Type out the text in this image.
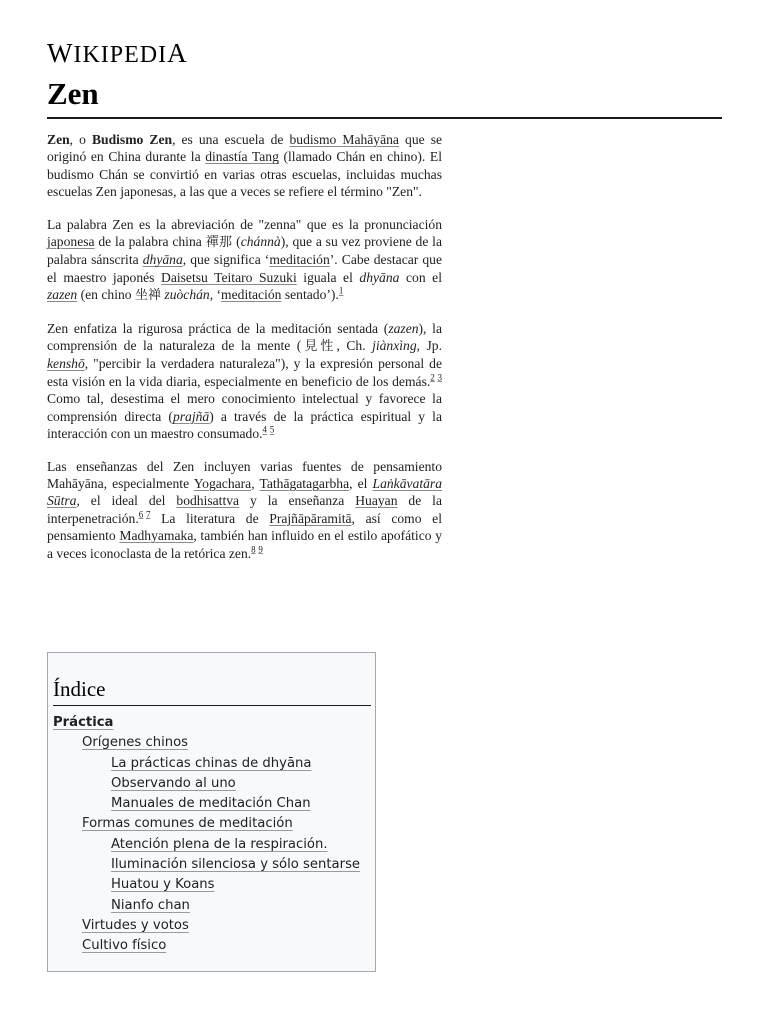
WIKIPEDIA
Zen

Zen, o Budismo Zen, es una escuela de budismo Mahāyāna que se originó en China durante la dinastía Tang (llamado Chán en chino). El budismo Chán se convirtió en varias otras escuelas, incluidas muchas escuelas Zen japonesas, a las que a veces se refiere el término "Zen".

La palabra Zen es la abreviación de "zenna" que es la pronunciación japonesa de la palabra china 禪那 (chánnà), que a su vez proviene de la palabra sánscrita dhyāna, que significa ‘meditación’. Cabe destacar que el maestro japonés Daisetsu Teitaro Suzuki iguala el dhyāna con el zazen (en chino 坐禅 zuòchán, ‘meditación sentado’).$^1$

Zen enfatiza la rigurosa práctica de la meditación sentada (zazen), la comprensión de la naturaleza de la mente (見性, Ch. jiànxìng, Jp. kenshō, "percibir la verdadera naturaleza"), y la expresión personal de esta visión en la vida diaria, especialmente en beneficio de los demás.$^2$  $^3$ Como tal, desestima el mero conocimiento intelectual y favorece la comprensión directa (prajñā) a través de la práctica espiritual y la interacción con un maestro consumado.$^4$  $^5$

Las enseñanzas del Zen incluyen varias fuentes de pensamiento Mahāyāna, especialmente Yogachara, Tathāgatagarbha, el Laṅkāvatāra Sūtra, el ideal del bodhisattva y la enseñanza Huayan de la interpenetración.$^6$  $^7$ La literatura de Prajñāpāramitā, así como el pensamiento Madhyamaka, también han influido en el estilo apofático y a veces iconoclasta de la retórica zen.$^8$  $^9$

Índice
Práctica
Orígenes chinos
La prácticas chinas de dhyāna
Observando al uno
Manuales de meditación Chan
Formas comunes de meditación
Atención plena de la respiración.
Iluminación silenciosa y sólo sentarse
Huatou y Koans
Nianfo chan
Virtudes y votos
Cultivo físico
